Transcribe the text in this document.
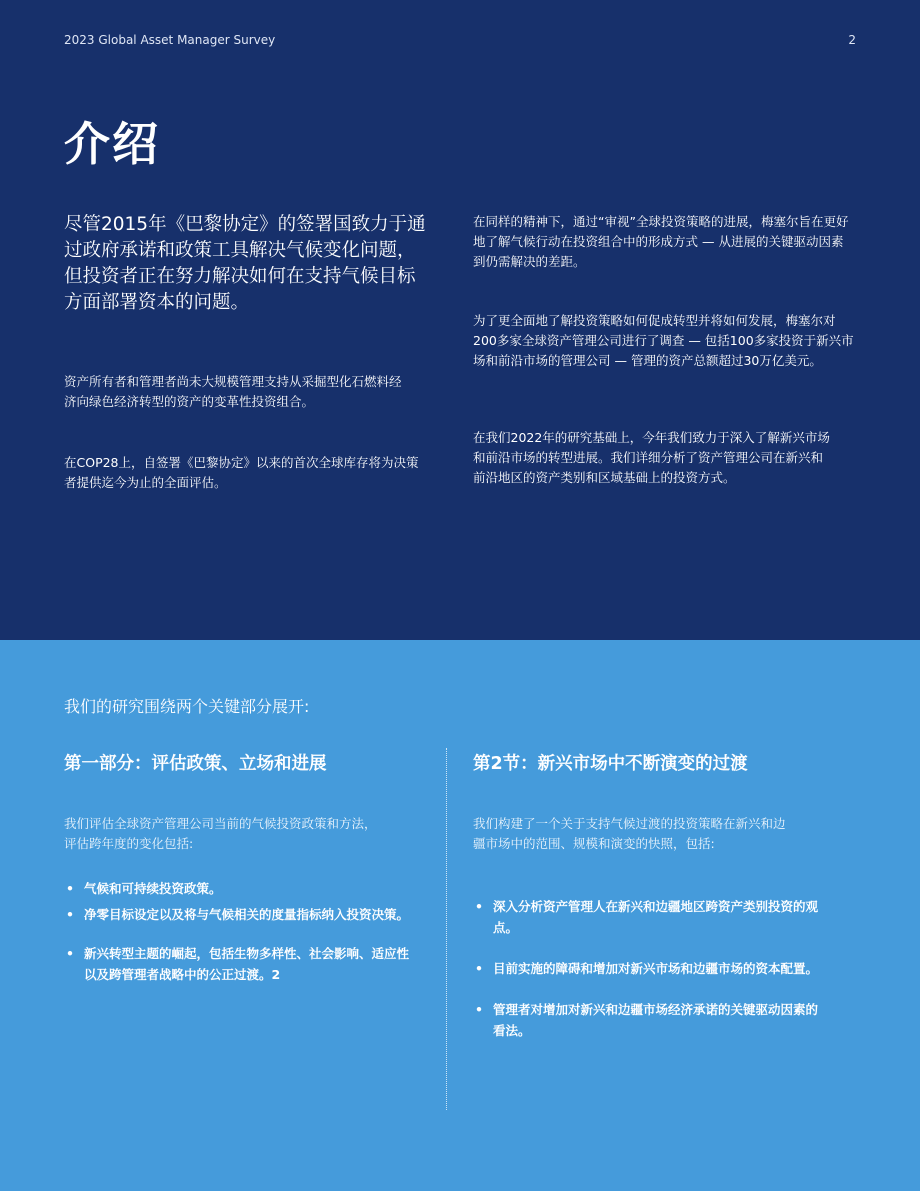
2023 Global Asset Manager Survey	2
介绍
尽管2015年《巴黎协定》的签署国致力于通过政府承诺和政策工具解决气候变化问题，但投资者正在努力解决如何在支持气候目标方面部署资本的问题。
资产所有者和管理者尚未大规模管理支持从采掘型化石燃料经济向绿色经济转型的资产的变革性投资组合。
在COP28上，自签署《巴黎协定》以来的首次全球库存将为决策者提供迄今为止的全面评估。
在同样的精神下，通过“审视”全球投资策略的进展，梅塞尔旨在更好地了解气候行动在投资组合中的形成方式 — 从进展的关键驱动因素到仍需解决的差距。
为了更全面地了解投资策略如何促成转型并将如何发展，梅塞尔对200多家全球资产管理公司进行了调查 — 包括100多家投资于新兴市场和前沿市场的管理公司 — 管理的资产总额超过30万亿美元。
在我们2022年的研究基础上，今年我们致力于深入了解新兴市场和前沿市场的转型进展。我们详细分析了资产管理公司在新兴和前沿地区的资产类别和区域基础上的投资方式。
我们的研究围绕两个关键部分展开:
第一部分：评估政策、立场和进展
我们评估全球资产管理公司当前的气候投资政策和方法，评估跨年度的变化包括:
• 气候和可持续投资政策。
• 净零目标设定以及将与气候相关的度量指标纳入投资决策。
• 新兴转型主题的崛起，包括生物多样性、社会影响、适应性以及跨管理者战略中的公正过渡。2
第2节：新兴市场中不断演变的过渡
我们构建了一个关于支持气候过渡的投资策略在新兴和边疆市场中的范围、规模和演变的快照，包括:
• 深入分析资产管理人在新兴和边疆地区跨资产类别投资的观点。
• 目前实施的障碍和增加对新兴市场和边疆市场的资本配置。
• 管理者对增加对新兴和边疆市场经济承诺的关键驱动因素的看法。
